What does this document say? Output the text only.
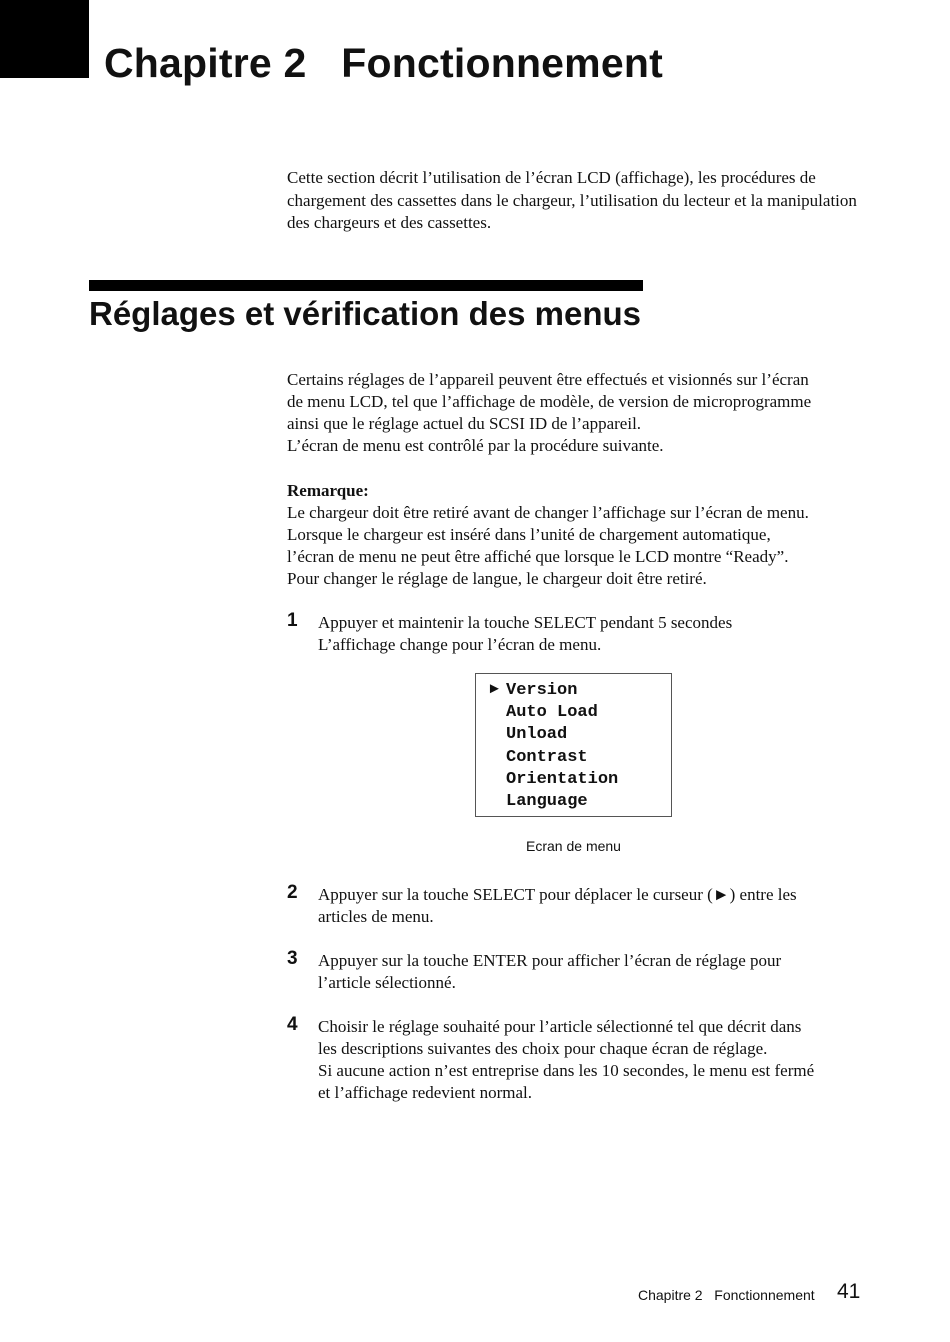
Chapitre 2   Fonctionnement

Cette section décrit l’utilisation de l’écran LCD (affichage), les procédures de chargement des cassettes dans le chargeur, l’utilisation du lecteur et la manipulation des chargeurs et des cassettes.

Réglages et vérification des menus

Certains réglages de l’appareil peuvent être effectués et visionnés sur l’écran
de menu LCD, tel que l’affichage de modèle, de version de microprogramme
ainsi que le réglage actuel du SCSI ID de l’appareil.
L’écran de menu est contrôlé par la procédure suivante.

Remarque:
Le chargeur doit être retiré avant de changer l’affichage sur l’écran de menu.
Lorsque le chargeur est inséré dans l’unité de chargement automatique,
l’écran de menu ne peut être affiché que lorsque le LCD montre “Ready”.
Pour changer le réglage de langue, le chargeur doit être retiré.
1 Appuyer et maintenir la touche SELECT pendant 5 secondes
L’affichage change pour l’écran de menu.
► Version
Auto Load
Unload
Contrast
Orientation
Language
Ecran de menu
2 Appuyer sur la touche SELECT pour déplacer le curseur (►) entre les
articles de menu.
3 Appuyer sur la touche ENTER pour afficher l’écran de réglage pour
l’article sélectionné.
4 Choisir le réglage souhaité pour l’article sélectionné tel que décrit dans
les descriptions suivantes des choix pour chaque écran de réglage.
Si aucune action n’est entreprise dans les 10 secondes, le menu est fermé
et l’affichage redevient normal.
Chapitre 2   Fonctionnement 41
